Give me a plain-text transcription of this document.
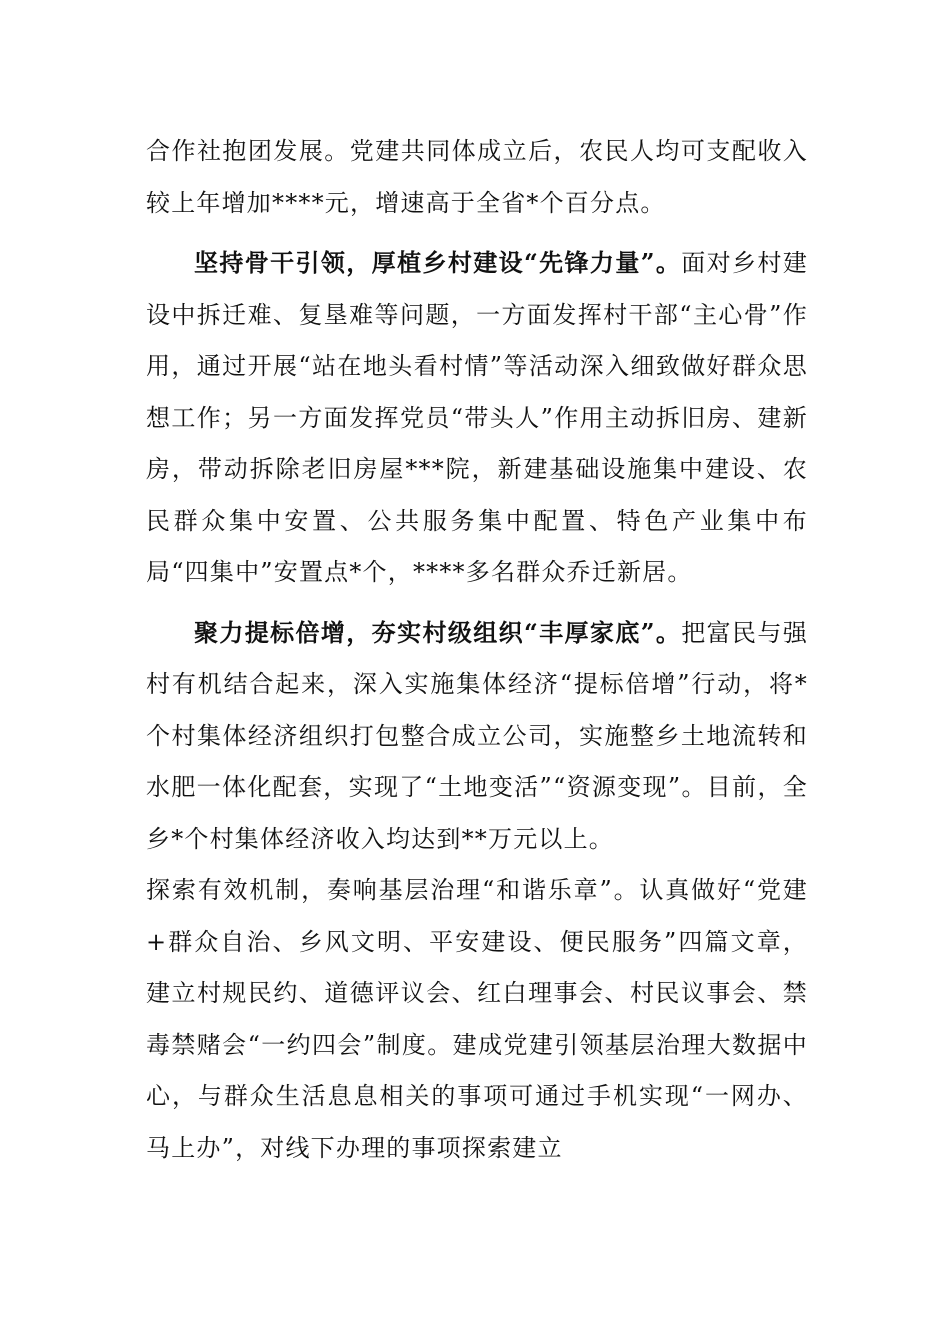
合作社抱团发展。党建共同体成立后，农民人均可支配收入较上年增加****元，增速高于全省*个百分点。

坚持骨干引领，厚植乡村建设“先锋力量”。面对乡村建设中拆迁难、复垦难等问题，一方面发挥村干部“主心骨”作用，通过开展“站在地头看村情”等活动深入细致做好群众思想工作；另一方面发挥党员“带头人”作用主动拆旧房、建新房，带动拆除老旧房屋***院，新建基础设施集中建设、农民群众集中安置、公共服务集中配置、特色产业集中布局“四集中”安置点*个，****多名群众乔迁新居。

聚力提标倍增，夯实村级组织“丰厚家底”。把富民与强村有机结合起来，深入实施集体经济“提标倍增”行动，将*个村集体经济组织打包整合成立公司，实施整乡土地流转和水肥一体化配套，实现了“土地变活”“资源变现”。目前，全乡*个村集体经济收入均达到**万元以上。

探索有效机制，奏响基层治理“和谐乐章”。认真做好“党建+群众自治、乡风文明、平安建设、便民服务”四篇文章，建立村规民约、道德评议会、红白理事会、村民议事会、禁毒禁赌会“一约四会”制度。建成党建引领基层治理大数据中心，与群众生活息息相关的事项可通过手机实现“一网办、马上办”，对线下办理的事项探索建立
